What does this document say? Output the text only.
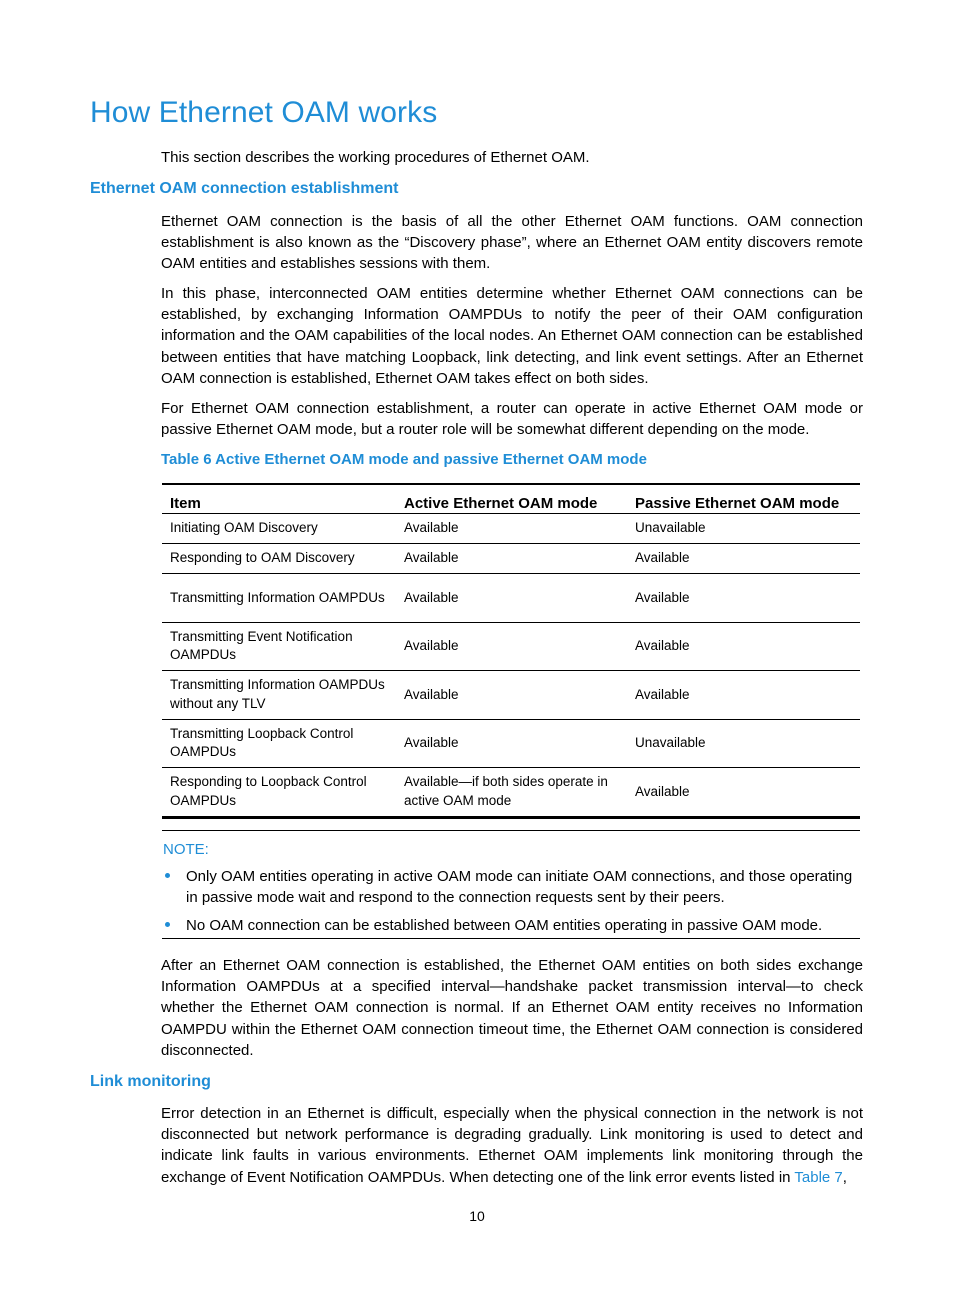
How Ethernet OAM works

This section describes the working procedures of Ethernet OAM.

Ethernet OAM connection establishment

Ethernet OAM connection is the basis of all the other Ethernet OAM functions. OAM connection establishment is also known as the “Discovery phase”, where an Ethernet OAM entity discovers remote OAM entities and establishes sessions with them.

In this phase, interconnected OAM entities determine whether Ethernet OAM connections can be established, by exchanging Information OAMPDUs to notify the peer of their OAM configuration information and the OAM capabilities of the local nodes. An Ethernet OAM connection can be established between entities that have matching Loopback, link detecting, and link event settings. After an Ethernet OAM connection is established, Ethernet OAM takes effect on both sides.

For Ethernet OAM connection establishment, a router can operate in active Ethernet OAM mode or passive Ethernet OAM mode, but a router role will be somewhat different depending on the mode.

Table 6 Active Ethernet OAM mode and passive Ethernet OAM mode

Item	Active Ethernet OAM mode	Passive Ethernet OAM mode
Initiating OAM Discovery	Available	Unavailable
Responding to OAM Discovery	Available	Available
Transmitting Information OAMPDUs	Available	Available
Transmitting Event Notification OAMPDUs	Available	Available
Transmitting Information OAMPDUs without any TLV	Available	Available
Transmitting Loopback Control OAMPDUs	Available	Unavailable
Responding to Loopback Control OAMPDUs	Available—if both sides operate in active OAM mode	Available
NOTE:
Only OAM entities operating in active OAM mode can initiate OAM connections, and those operating in passive mode wait and respond to the connection requests sent by their peers.
No OAM connection can be established between OAM entities operating in passive OAM mode.

After an Ethernet OAM connection is established, the Ethernet OAM entities on both sides exchange Information OAMPDUs at a specified interval—handshake packet transmission interval—to check whether the Ethernet OAM connection is normal. If an Ethernet OAM entity receives no Information OAMPDU within the Ethernet OAM connection timeout time, the Ethernet OAM connection is considered disconnected.

Link monitoring

Error detection in an Ethernet is difficult, especially when the physical connection in the network is not disconnected but network performance is degrading gradually. Link monitoring is used to detect and indicate link faults in various environments. Ethernet OAM implements link monitoring through the exchange of Event Notification OAMPDUs. When detecting one of the link error events listed in Table 7,

10
